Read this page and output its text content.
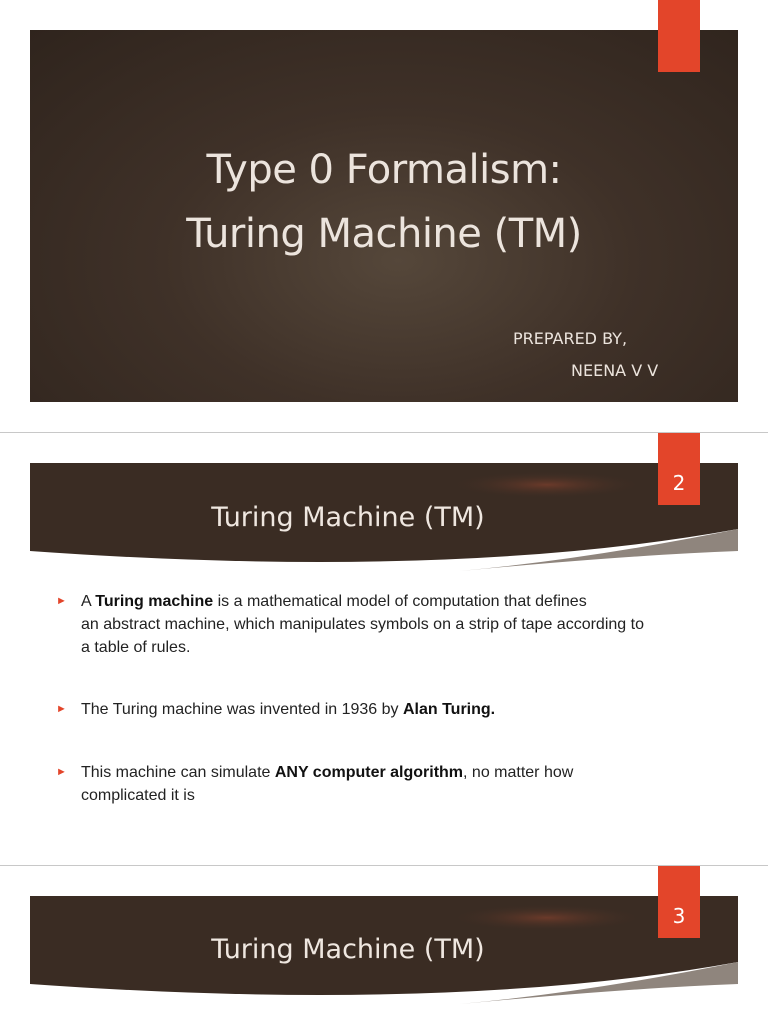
Type 0 Formalism:
Turing Machine (TM)
PREPARED BY,
NEENA V V
2
Turing Machine (TM)
► A Turing machine is a mathematical model of computation that defines
an abstract machine, which manipulates symbols on a strip of tape according to
a table of rules.
► The Turing machine was invented in 1936 by Alan Turing.
► This machine can simulate ANY computer algorithm, no matter how
complicated it is
3
Turing Machine (TM)
